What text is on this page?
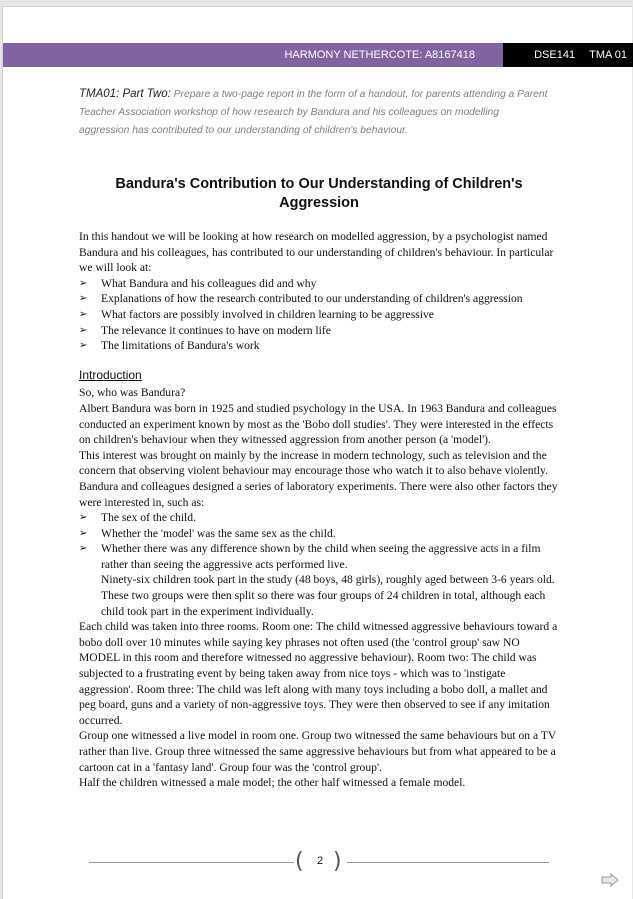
HARMONY NETHERCOTE: A8167418	DSE141 TMA 01
TMA01: Part Two: Prepare a two-page report in the form of a handout, for parents attending a Parent Teacher Association workshop of how research by Bandura and his colleagues on modelling aggression has contributed to our understanding of children's behaviour.
Bandura's Contribution to Our Understanding of Children's Aggression

In this handout we will be looking at how research on modelled aggression, by a psychologist named Bandura and his colleagues, has contributed to our understanding of children's behaviour. In particular we will look at:

➢ What Bandura and his colleagues did and why
➢ Explanations of how the research contributed to our understanding of children's aggression
➢ What factors are possibly involved in children learning to be aggressive
➢ The relevance it continues to have on modern life
➢ The limitations of Bandura's work
Introduction

So, who was Bandura?

Albert Bandura was born in 1925 and studied psychology in the USA. In 1963 Bandura and colleagues conducted an experiment known by most as the 'Bobo doll studies'. They were interested in the effects on children's behaviour when they witnessed aggression from another person (a 'model').

This interest was brought on mainly by the increase in modern technology, such as television and the concern that observing violent behaviour may encourage those who watch it to also behave violently.

Bandura and colleagues designed a series of laboratory experiments. There were also other factors they were interested in, such as:

➢ The sex of the child.
➢ Whether the 'model' was the same sex as the child.
➢ Whether there was any difference shown by the child when seeing the aggressive acts in a film rather than seeing the aggressive acts performed live.

Ninety-six children took part in the study (48 boys, 48 girls), roughly aged between 3-6 years old. These two groups were then split so there was four groups of 24 children in total, although each child took part in the experiment individually.

Each child was taken into three rooms. Room one: The child witnessed aggressive behaviours toward a bobo doll over 10 minutes while saying key phrases not often used (the 'control group' saw NO MODEL in this room and therefore witnessed no aggressive behaviour). Room two: The child was subjected to a frustrating event by being taken away from nice toys - which was to 'instigate aggression'. Room three: The child was left along with many toys including a bobo doll, a mallet and peg board, guns and a variety of non-aggressive toys. They were then observed to see if any imitation occurred.

Group one witnessed a live model in room one. Group two witnessed the same behaviours but on a TV rather than live. Group three witnessed the same aggressive behaviours but from what appeared to be a cartoon cat in a 'fantasy land'. Group four was the 'control group'.

Half the children witnessed a male model; the other half witnessed a female model.

(	2 )
